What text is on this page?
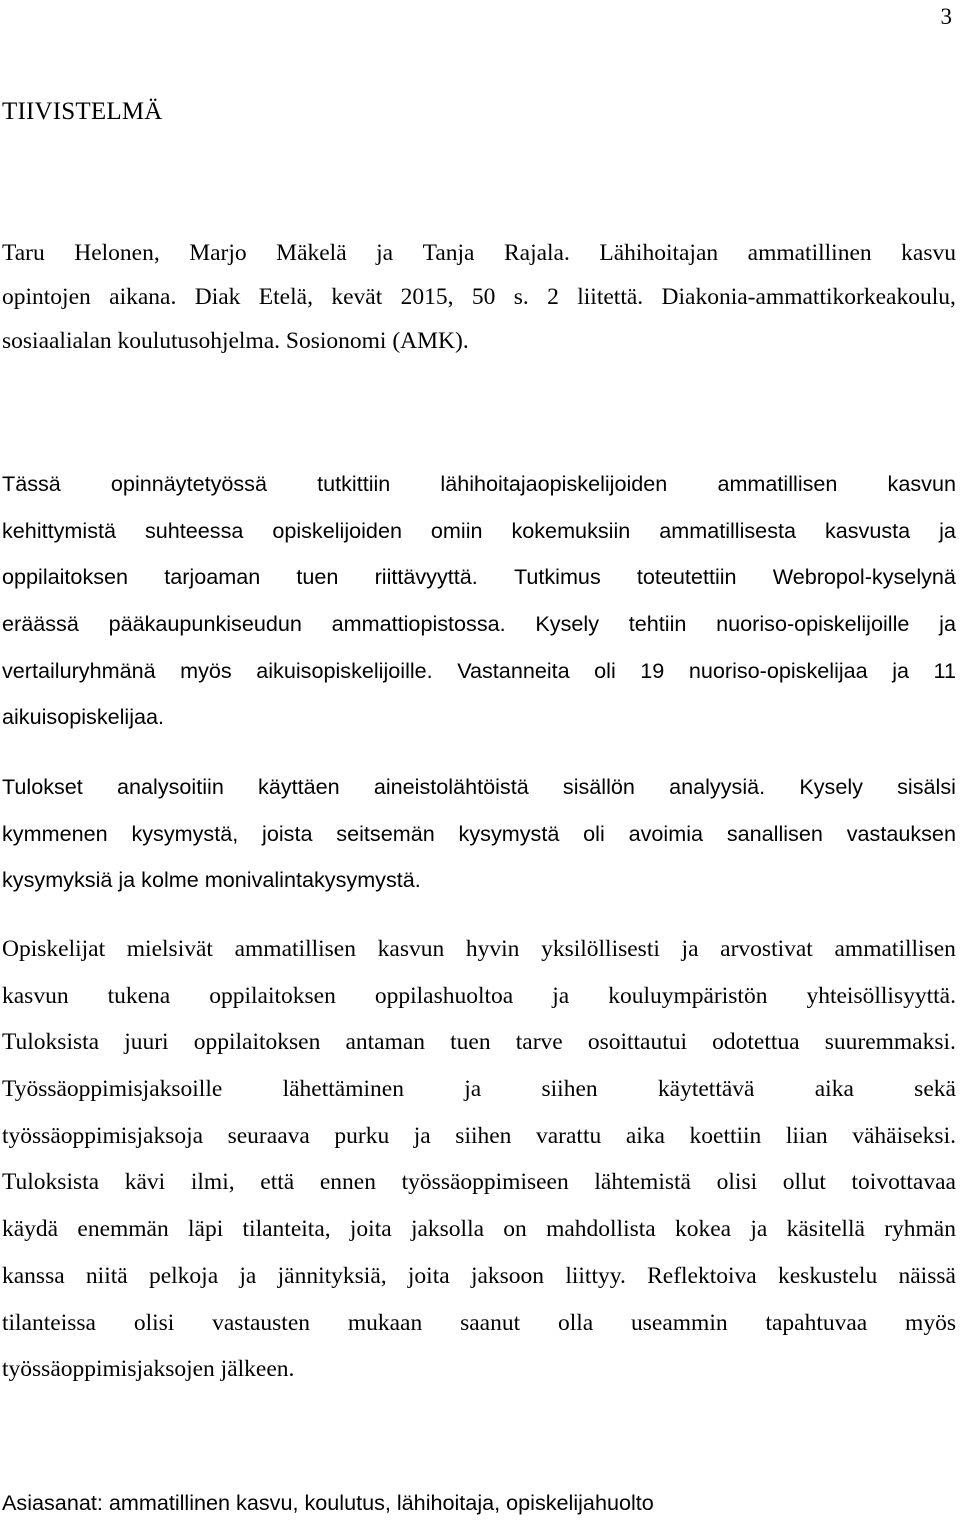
3
TIIVISTELMÄ
Taru Helonen, Marjo Mäkelä ja Tanja Rajala. Lähihoitajan ammatillinen kasvu
opintojen aikana. Diak Etelä, kevät 2015, 50 s. 2 liitettä. Diakonia-ammattikorkeakoulu,
sosiaalialan koulutusohjelma. Sosionomi (AMK).
Tässä opinnäytetyössä tutkittiin lähihoitajaopiskelijoiden ammatillisen kasvun
kehittymistä suhteessa opiskelijoiden omiin kokemuksiin ammatillisesta kasvusta ja
oppilaitoksen tarjoaman tuen riittävyyttä. Tutkimus toteutettiin Webropol-kyselynä
eräässä pääkaupunkiseudun ammattiopistossa. Kysely tehtiin nuoriso-opiskelijoille ja
vertailuryhmänä myös aikuisopiskelijoille. Vastanneita oli 19 nuoriso-opiskelijaa ja 11
aikuisopiskelijaa.
Tulokset analysoitiin käyttäen aineistolähtöistä sisällön analyysiä. Kysely sisälsi
kymmenen kysymystä, joista seitsemän kysymystä oli avoimia sanallisen vastauksen
kysymyksiä ja kolme monivalintakysymystä.
Opiskelijat mielsivät ammatillisen kasvun hyvin yksilöllisesti ja arvostivat ammatillisen
kasvun tukena oppilaitoksen oppilashuoltoa ja kouluympäristön yhteisöllisyyttä.
Tuloksista juuri oppilaitoksen antaman tuen tarve osoittautui odotettua suuremmaksi.
Työssäoppimisjaksoille	lähettäminen	ja	siihen	käytettävä	aika	sekä
työssäoppimisjaksoja seuraava purku ja siihen varattu aika koettiin liian vähäiseksi.
Tuloksista kävi ilmi, että ennen työssäoppimiseen lähtemistä olisi ollut toivottavaa
käydä enemmän läpi tilanteita, joita jaksolla on mahdollista kokea ja käsitellä ryhmän
kanssa niitä pelkoja ja jännityksiä, joita jaksoon liittyy. Reflektoiva keskustelu näissä
tilanteissa olisi vastausten mukaan saanut olla useammin tapahtuvaa myös
työssäoppimisjaksojen jälkeen.

Asiasanat: ammatillinen kasvu, koulutus, lähihoitaja, opiskelijahuolto
